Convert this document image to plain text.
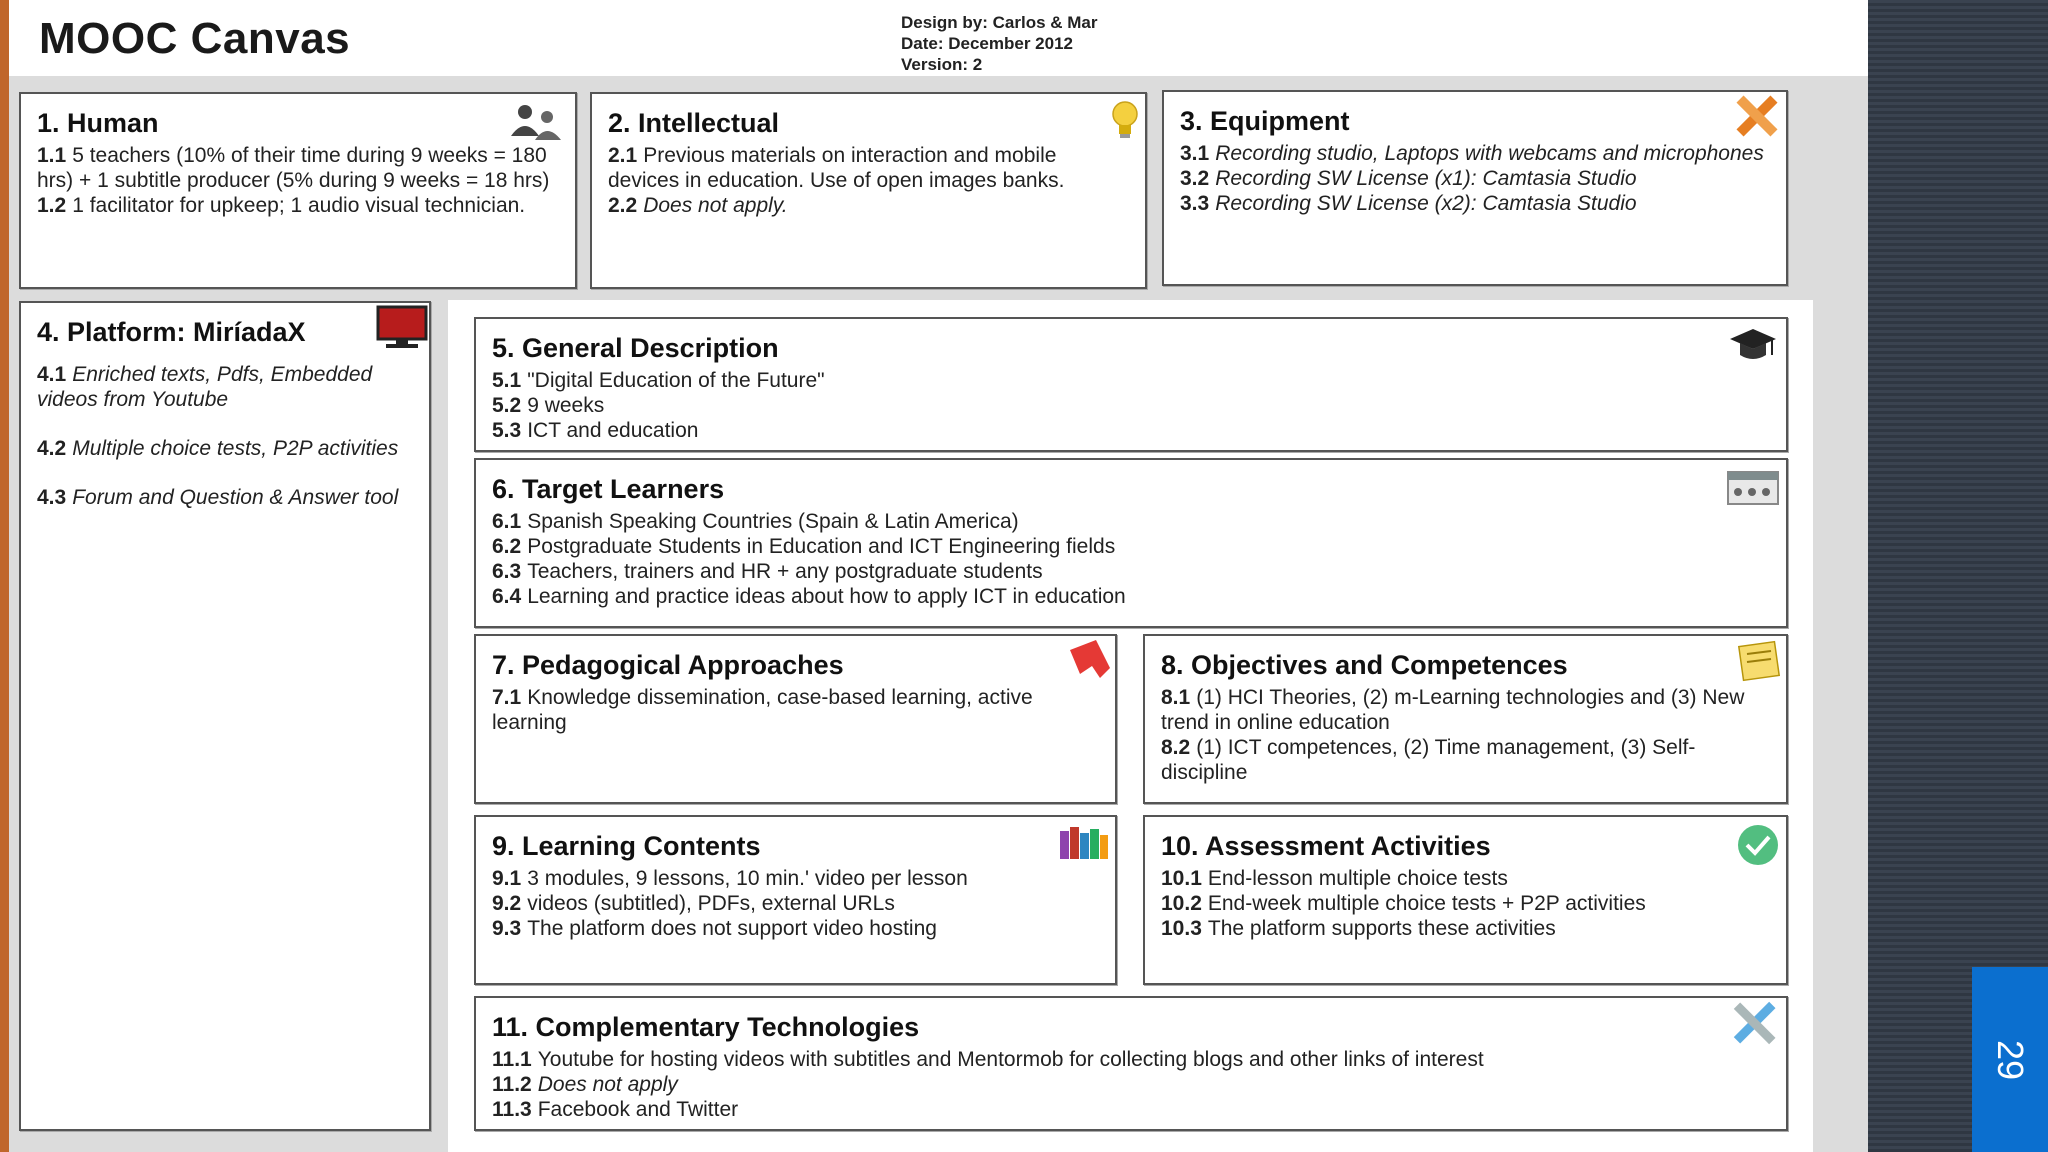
MOOC Canvas	Design by: Carlos & Mar
Date: December 2012
Version: 2
1. Human
1.1 5 teachers (10% of their time during 9 weeks = 180 hrs) + 1 subtitle producer (5% during 9 weeks = 18 hrs)
1.2 1 facilitator for upkeep; 1 audio visual technician.
2. Intellectual
2.1 Previous materials on interaction and mobile devices in education. Use of open images banks.
2.2 Does not apply.
3. Equipment
3.1 Recording studio, Laptops with webcams and microphones
3.2 Recording SW License (x1): Camtasia Studio
3.3 Recording SW License (x2): Camtasia Studio
4. Platform: MiríadaX
4.1 Enriched texts, Pdfs, Embedded videos from Youtube
4.2 Multiple choice tests, P2P activities
4.3 Forum and Question & Answer tool
5. General Description
5.1 "Digital Education of the Future"
5.2 9 weeks
5.3 ICT and education
6. Target Learners
6.1 Spanish Speaking Countries (Spain & Latin America)
6.2 Postgraduate Students in Education and ICT Engineering fields
6.3 Teachers, trainers and HR + any postgraduate students
6.4 Learning and practice ideas about how to apply ICT in education
7. Pedagogical Approaches
7.1 Knowledge dissemination, case-based learning, active learning
8. Objectives and Competences
8.1 (1) HCI Theories, (2) m-Learning technologies and (3) New trend in online education
8.2 (1) ICT competences, (2) Time management, (3) Self-discipline
9. Learning Contents
9.1 3 modules, 9 lessons, 10 min.' video per lesson
9.2 videos (subtitled), PDFs, external URLs
9.3 The platform does not support video hosting
10. Assessment Activities
10.1 End-lesson multiple choice tests
10.2 End-week multiple choice tests + P2P activities
10.3 The platform supports these activities
11. Complementary Technologies
11.1 Youtube for hosting videos with subtitles and Mentormob for collecting blogs and other links of interest
11.2 Does not apply
11.3 Facebook and Twitter
29
